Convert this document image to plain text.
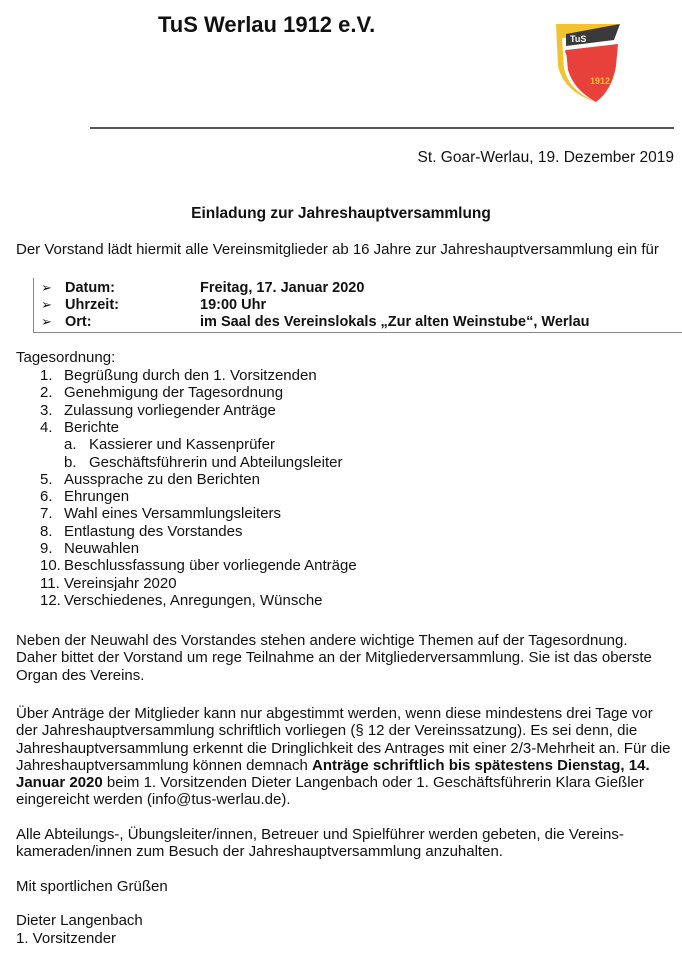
TuS Werlau 1912 e.V.
TuS
WERLAU
1912
St. Goar-Werlau, 19. Dezember 2019
Einladung zur Jahreshauptversammlung
Der Vorstand lädt hiermit alle Vereinsmitglieder ab 16 Jahre zur Jahreshauptversammlung ein für
➢ Datum:	Freitag, 17. Januar 2020
➢ Uhrzeit:	19:00 Uhr
➢ Ort:	im Saal des Vereinslokals „Zur alten Weinstube“, Werlau
Tagesordnung:
1. Begrüßung durch den 1. Vorsitzenden
2. Genehmigung der Tagesordnung
3. Zulassung vorliegender Anträge
4. Berichte
a. Kassierer und Kassenprüfer
b. Geschäftsführerin und Abteilungsleiter
5. Aussprache zu den Berichten
6. Ehrungen
7. Wahl eines Versammlungsleiters
8. Entlastung des Vorstandes
9. Neuwahlen
10. Beschlussfassung über vorliegende Anträge
11. Vereinsjahr 2020
12. Verschiedenes, Anregungen, Wünsche
Neben der Neuwahl des Vorstandes stehen andere wichtige Themen auf der Tagesordnung.
Daher bittet der Vorstand um rege Teilnahme an der Mitgliederversammlung. Sie ist das oberste
Organ des Vereins.
Über Anträge der Mitglieder kann nur abgestimmt werden, wenn diese mindestens drei Tage vor
der Jahreshauptversammlung schriftlich vorliegen (§ 12 der Vereinssatzung). Es sei denn, die
Jahreshauptversammlung erkennt die Dringlichkeit des Antrages mit einer 2/3-Mehrheit an. Für die
Jahreshauptversammlung können demnach Anträge schriftlich bis spätestens Dienstag, 14.
Januar 2020 beim 1. Vorsitzenden Dieter Langenbach oder 1. Geschäftsführerin Klara Gießler
eingereicht werden (info@tus-werlau.de).
Alle Abteilungs-, Übungsleiter/innen, Betreuer und Spielführer werden gebeten, die Vereins-
kameraden/innen zum Besuch der Jahreshauptversammlung anzuhalten.
Mit sportlichen Grüßen
Dieter Langenbach
1. Vorsitzender
